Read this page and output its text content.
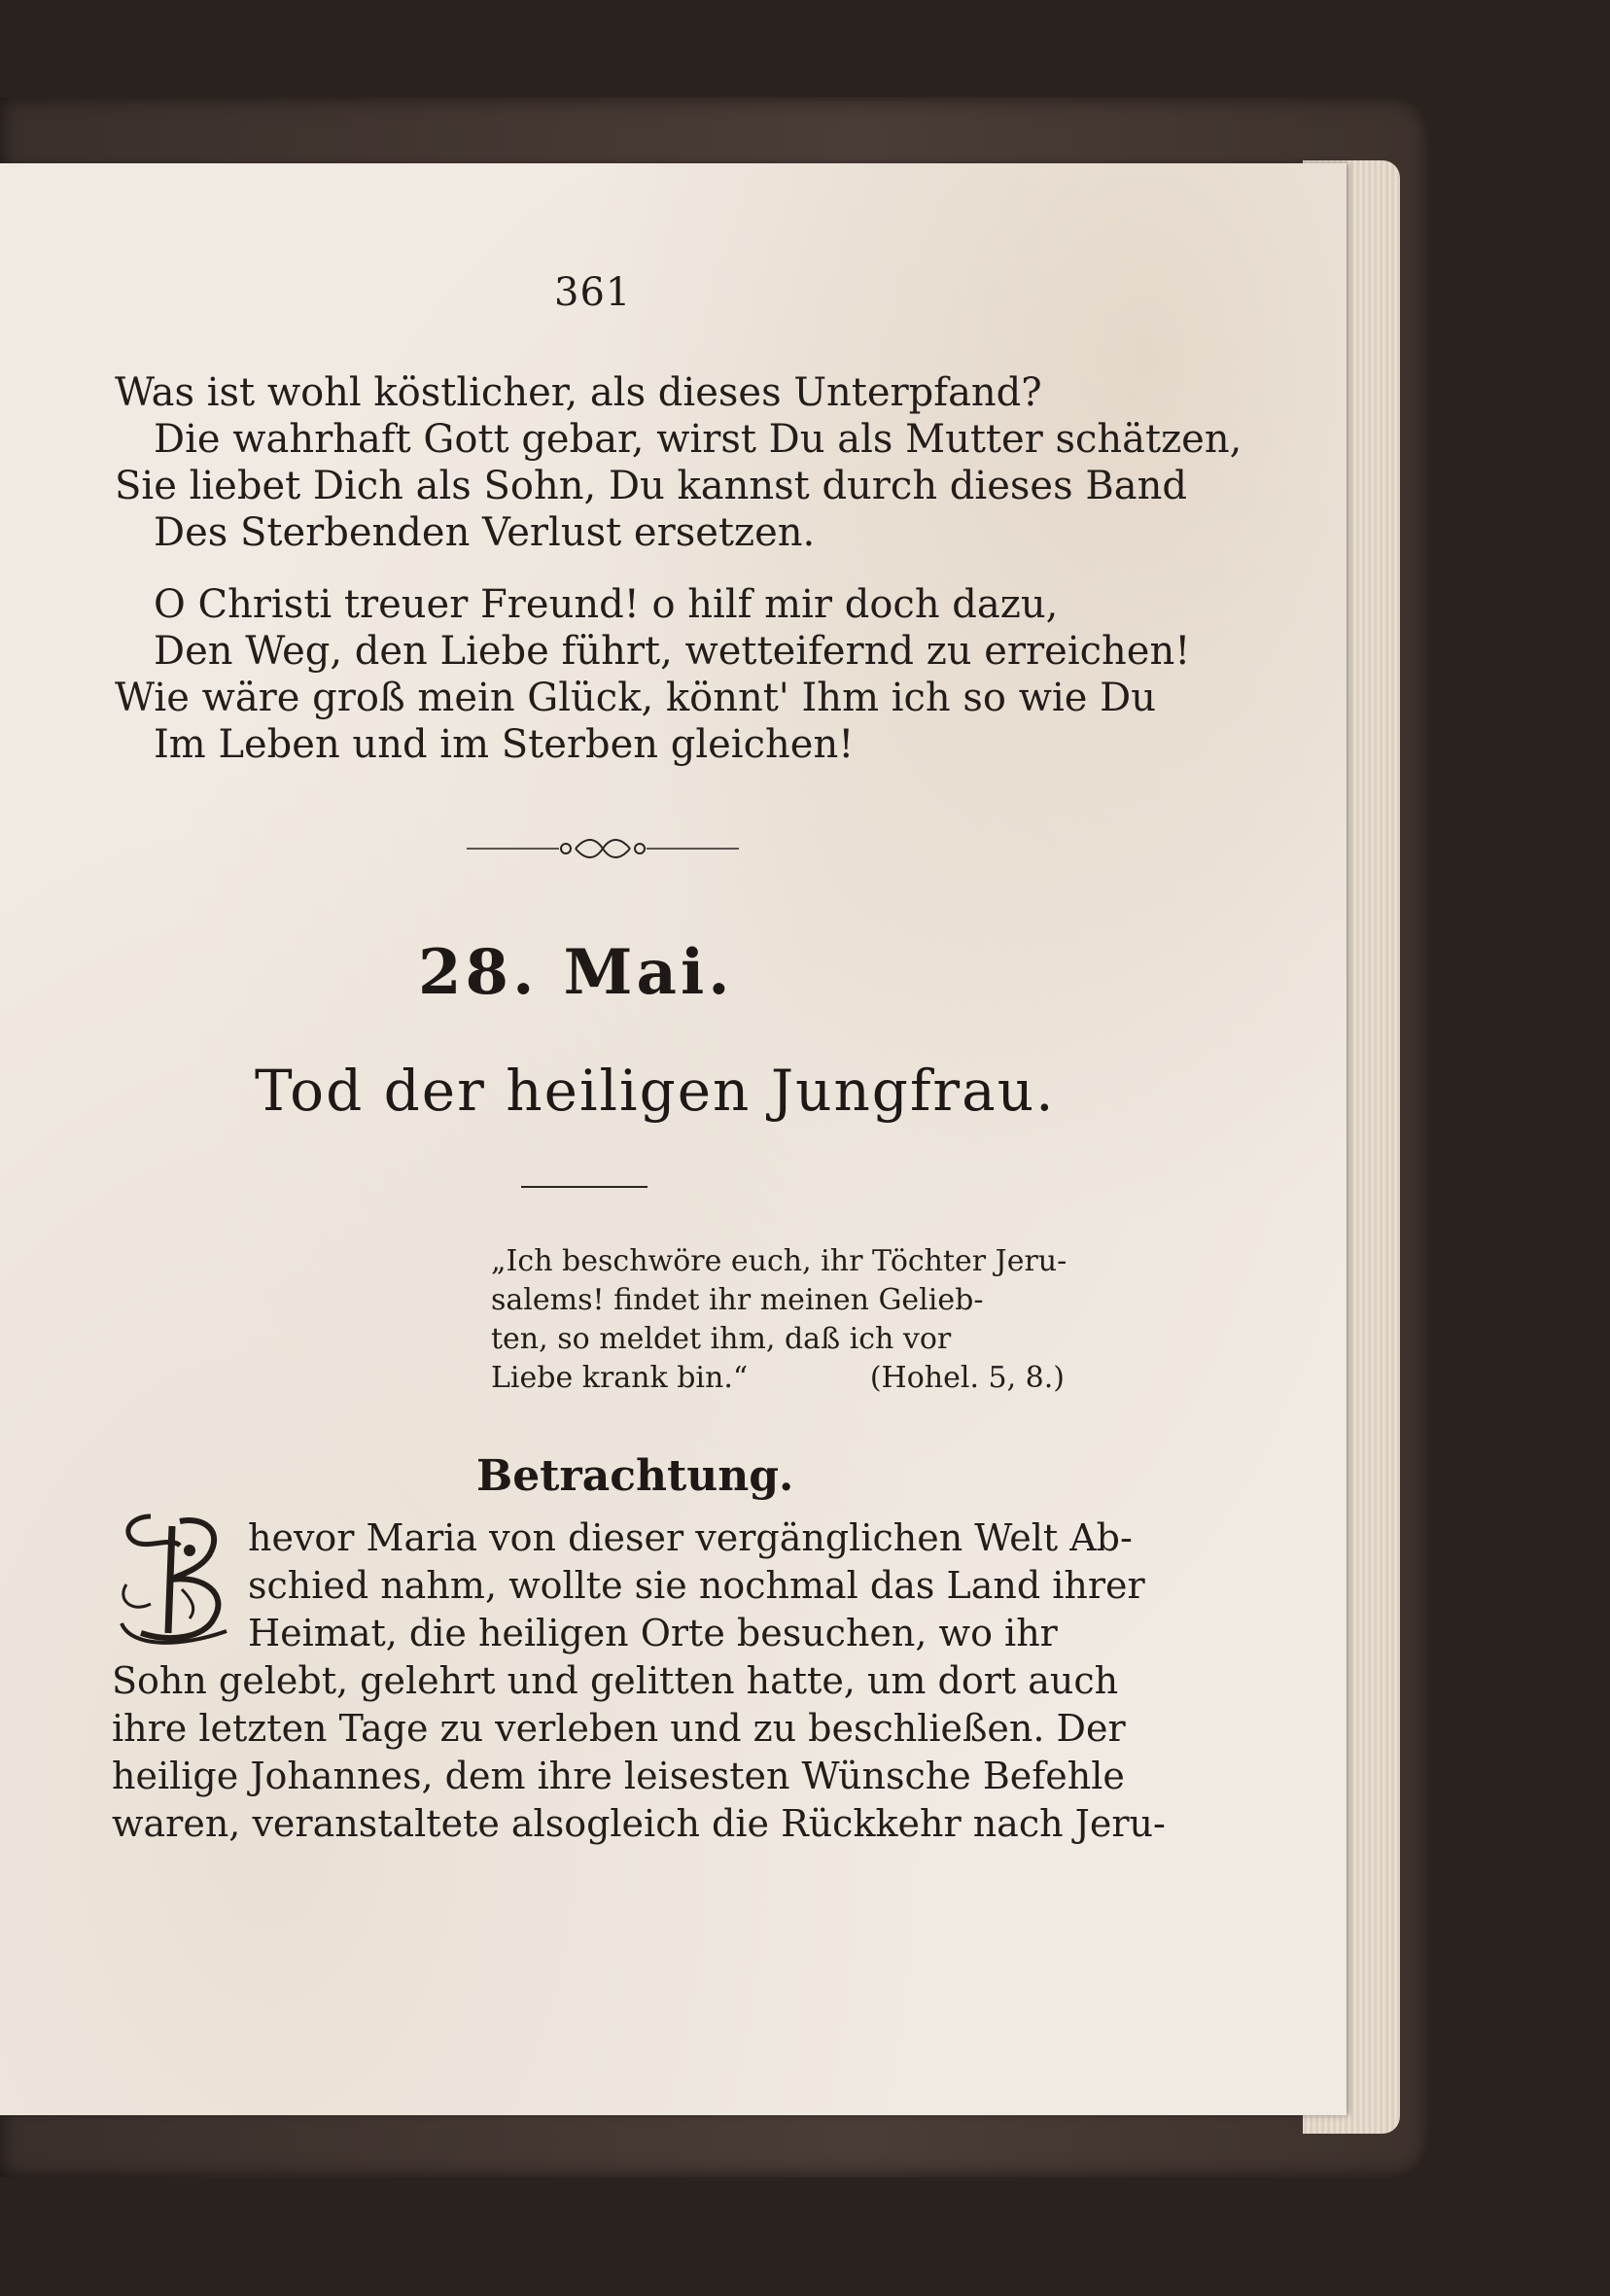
361
Was ist wohl köstlicher, als dieses Unterpfand?
Die wahrhaft Gott gebar, wirst Du als Mutter schätzen,
Sie liebet Dich als Sohn, Du kannst durch dieses Band
Des Sterbenden Verlust ersetzen.
O Christi treuer Freund! o hilf mir doch dazu,
Den Weg, den Liebe führt, wetteifernd zu erreichen!
Wie wäre groß mein Glück, könnt' Ihm ich so wie Du
Im Leben und im Sterben gleichen!
28. Mai.
Tod der heiligen Jungfrau.
„Ich beschwöre euch, ihr Töchter Jeru-
salems! findet ihr meinen Gelieb-
ten, so meldet ihm, daß ich vor
Liebe krank bin.“	(Hohel. 5, 8.)
Betrachtung.
hevor Maria von dieser vergänglichen Welt Ab-
schied nahm, wollte sie nochmal das Land ihrer
Heimat, die heiligen Orte besuchen, wo ihr
Sohn gelebt, gelehrt und gelitten hatte, um dort auch
ihre letzten Tage zu verleben und zu beschließen. Der
heilige Johannes, dem ihre leisesten Wünsche Befehle
waren, veranstaltete alsogleich die Rückkehr nach Jeru-
